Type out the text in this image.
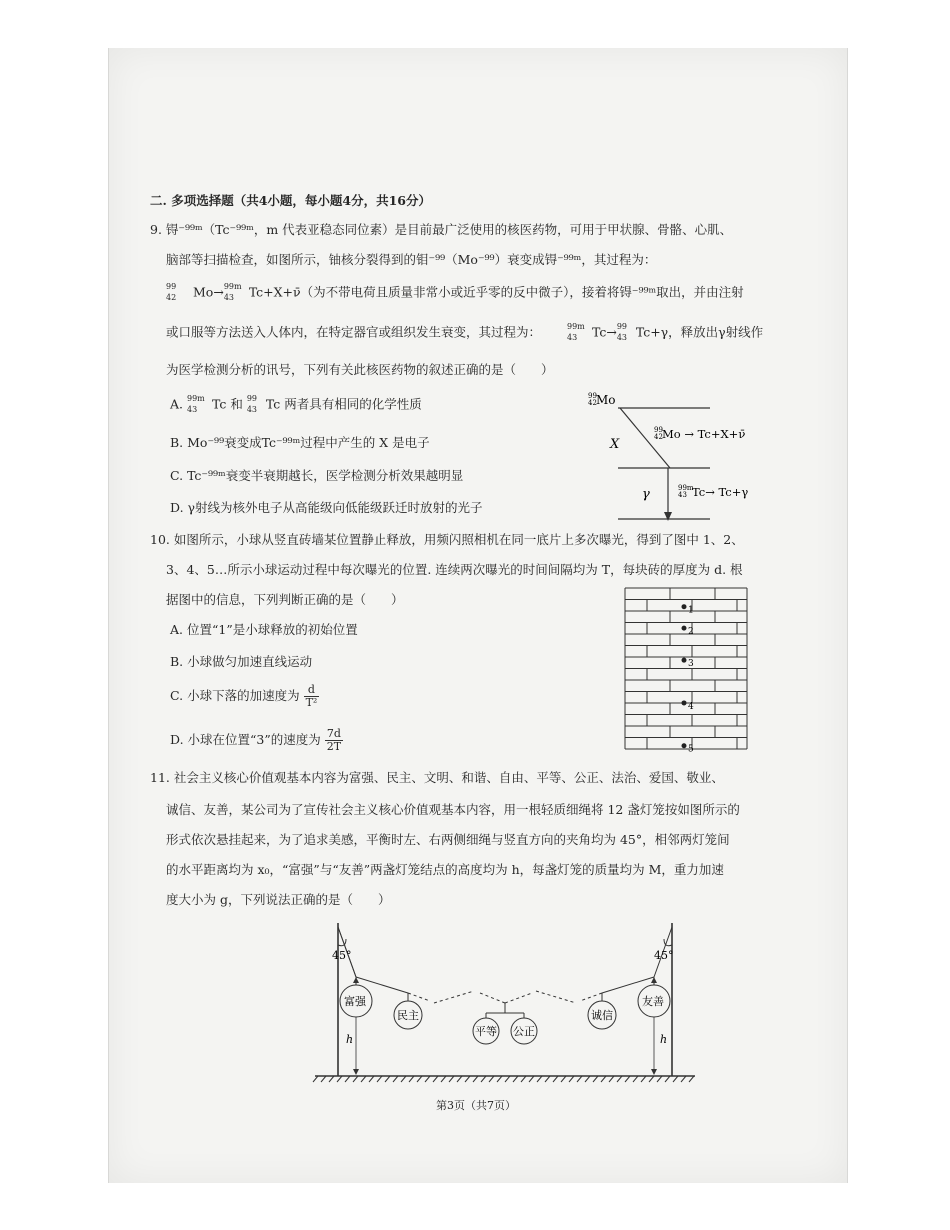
二. 多项选择题（共4小题，每小题4分，共16分）
9. 锝⁻⁹⁹ᵐ（Tc⁻⁹⁹ᵐ，m 代表亚稳态同位素）是目前最广泛使用的核医药物，可用于甲状腺、骨骼、心肌、
脑部等扫描检查，如图所示，铀核分裂得到的钼⁻⁹⁹（Mo⁻⁹⁹）衰变成锝⁻⁹⁹ᵐ，其过程为：
99
42 Mo→ 99m
43 Tc+X+ν̄（为不带电荷且质量非常小或近乎零的反中微子），接着将锝⁻⁹⁹ᵐ取出，并由注射
或口服等方法送入人体内，在特定器官或组织发生衰变，其过程为：	99m
43 Tc→ 99
43 Tc+γ，释放出γ射线作
为医学检测分析的讯号，下列有关此核医药物的叙述正确的是（　　）
A. 99m
43 Tc 和 99
43 Tc 两者具有相同的化学性质
B. Mo⁻⁹⁹衰变成Tc⁻⁹⁹ᵐ过程中产生的 X 是电子
C. Tc⁻⁹⁹ᵐ衰变半衰期越长，医学检测分析效果越明显
D. γ射线为核外电子从高能级向低能级跃迁时放射的光子
99
42 Mo
X
99
42 Mo → Tc+X+ν̄
γ	99m
43 Tc→ Tc+γ
10. 如图所示，小球从竖直砖墙某位置静止释放，用频闪照相机在同一底片上多次曝光，得到了图中 1、2、
3、4、5…所示小球运动过程中每次曝光的位置. 连续两次曝光的时间间隔均为 T，每块砖的厚度为 d. 根
据图中的信息，下列判断正确的是（　　）
A. 位置“1”是小球释放的初始位置
B. 小球做匀加速直线运动
C. 小球下落的加速度为 $\frac{d}{\text{T²}}$
D. 小球在位置“3”的速度为 $\frac{7d}{2T}$
1
2
3
4
5
11. 社会主义核心价值观基本内容为富强、民主、文明、和谐、自由、平等、公正、法治、爱国、敬业、
诚信、友善，某公司为了宣传社会主义核心价值观基本内容，用一根轻质细绳将 12 盏灯笼按如图所示的
形式依次悬挂起来，为了追求美感，平衡时左、右两侧细绳与竖直方向的夹角均为 45°，相邻两灯笼间
的水平距离均为 x₀，“富强”与“友善”两盏灯笼结点的高度均为 h，每盏灯笼的质量均为 M，重力加速
度大小为 g，下列说法正确的是（　　）
富强
民主
平等 公正
诚信
友善
45°	45°
h	h
第3页（共7页）
